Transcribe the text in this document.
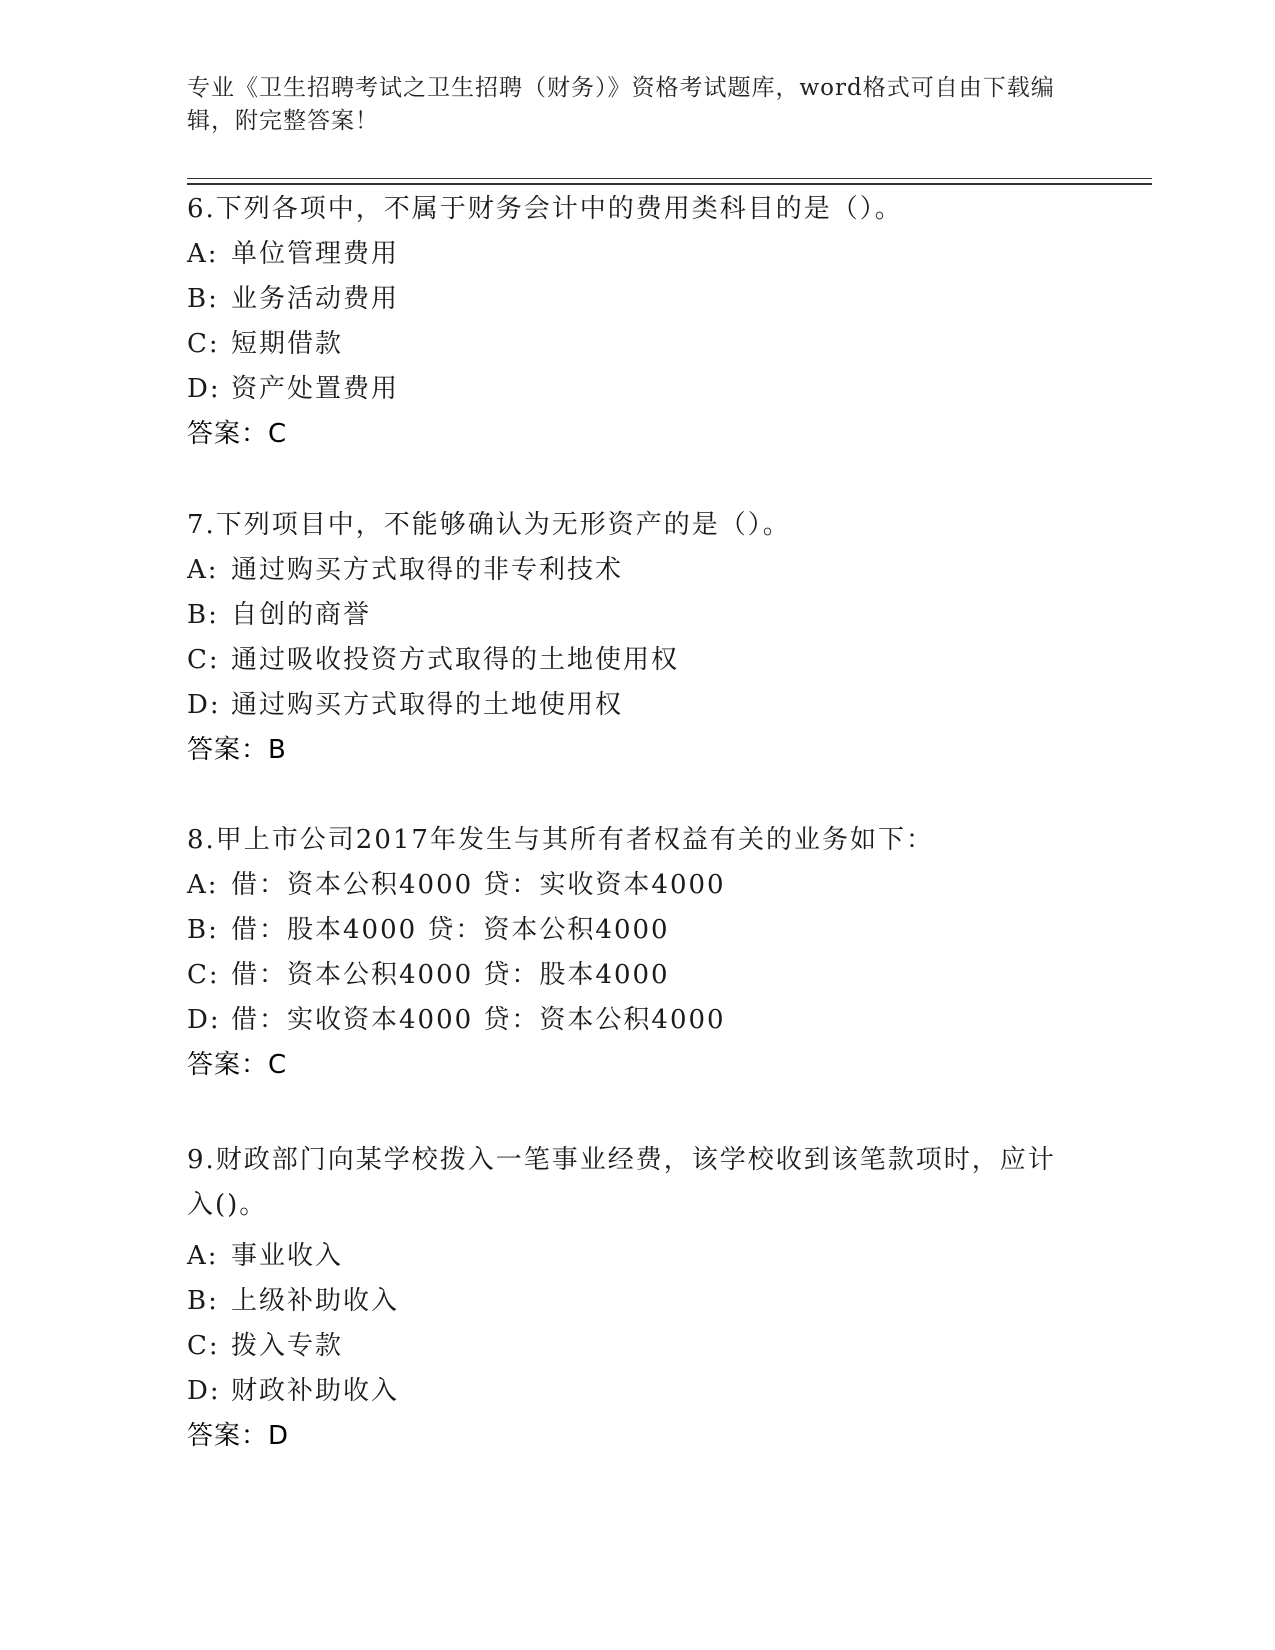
专业《卫生招聘考试之卫生招聘（财务）》资格考试题库，word格式可自由下载编辑，附完整答案！
6.下列各项中，不属于财务会计中的费用类科目的是（）。
A: 单位管理费用
B: 业务活动费用
C: 短期借款
D: 资产处置费用
答案：C
7.下列项目中，不能够确认为无形资产的是（）。
A: 通过购买方式取得的非专利技术
B: 自创的商誉
C: 通过吸收投资方式取得的土地使用权
D: 通过购买方式取得的土地使用权
答案：B
8.甲上市公司2017年发生与其所有者权益有关的业务如下：
A: 借：资本公积4000 贷：实收资本4000
B: 借：股本4000 贷：资本公积4000
C: 借：资本公积4000 贷：股本4000
D: 借：实收资本4000 贷：资本公积4000
答案：C
9.财政部门向某学校拨入一笔事业经费，该学校收到该笔款项时，应计入()。
A: 事业收入
B: 上级补助收入
C: 拨入专款
D: 财政补助收入
答案：D
